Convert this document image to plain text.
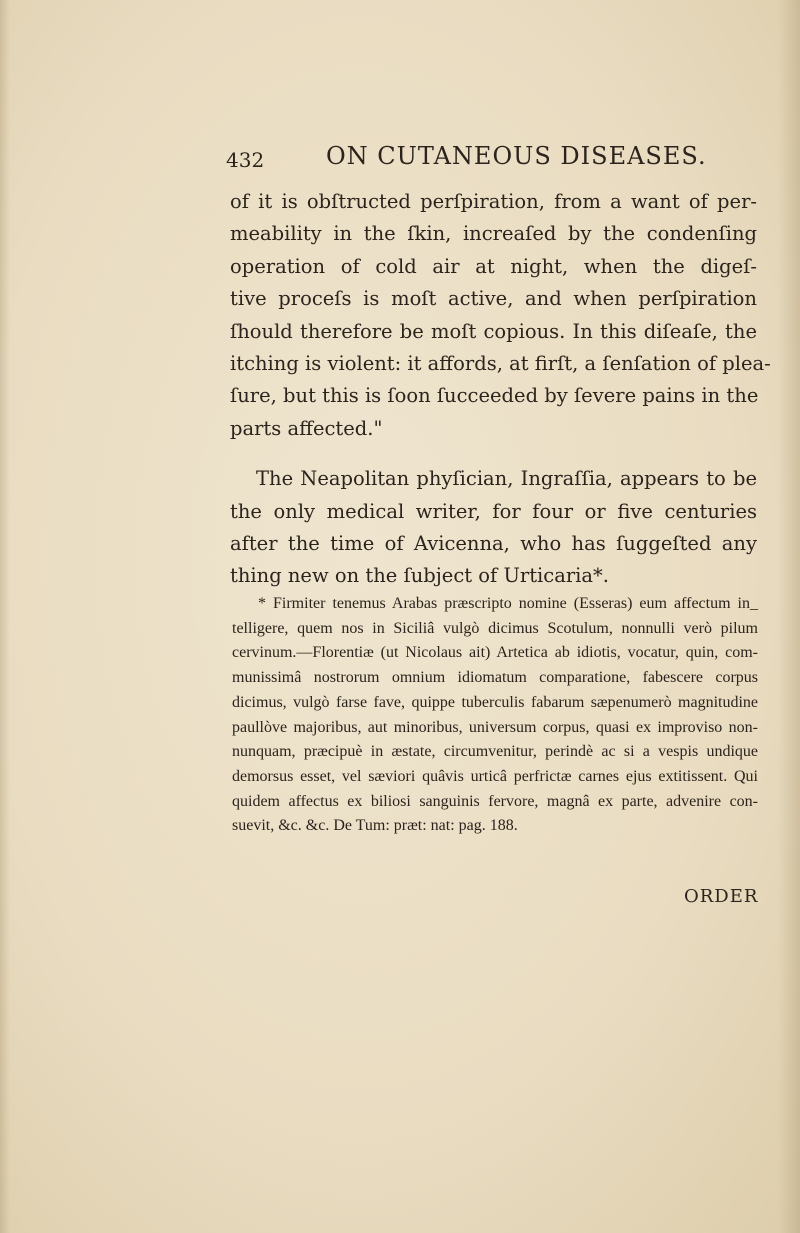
432	ON CUTANEOUS DISEASES.
of it is obſtructed perſpiration, from a want of per-
meability in the ſkin, increaſed by the condenſing
operation of cold air at night, when the digeſ-
tive proceſs is moſt active, and when perſpiration
ſhould therefore be moſt copious. In this diſeaſe, the
itching is violent: it affords, at firſt, a ſenſation of plea-
ſure, but this is ſoon ſucceeded by ſevere pains in the
parts affected."
The Neapolitan phyſician, Ingraſſia, appears to be
the only medical writer, for four or five centuries
after the time of Avicenna, who has ſuggeſted any
thing new on the ſubject of Urticaria*.
* Firmiter tenemus Arabas præscripto nomine (Esseras) eum affectum in_
telligere, quem nos in Siciliâ vulgò dicimus Scotulum, nonnulli verò pilum
cervinum.—Florentiæ (ut Nicolaus ait) Artetica ab idiotis, vocatur, quin, com-
munissimâ nostrorum omnium idiomatum comparatione, fabescere corpus
dicimus, vulgò farse fave, quippe tuberculis fabarum sæpenumerò magnitudine
paullòve majoribus, aut minoribus, universum corpus, quasi ex improviso non-
nunquam, præcipuè in æstate, circumvenitur, perindè ac si a vespis undique
demorsus esset, vel sæviori quâvis urticâ perfrictæ carnes ejus extitissent. Qui
quidem affectus ex biliosi sanguinis fervore, magnâ ex parte, advenire con-
suevit, &c. &c. De Tum: præt: nat: pag. 188.
ORDER
